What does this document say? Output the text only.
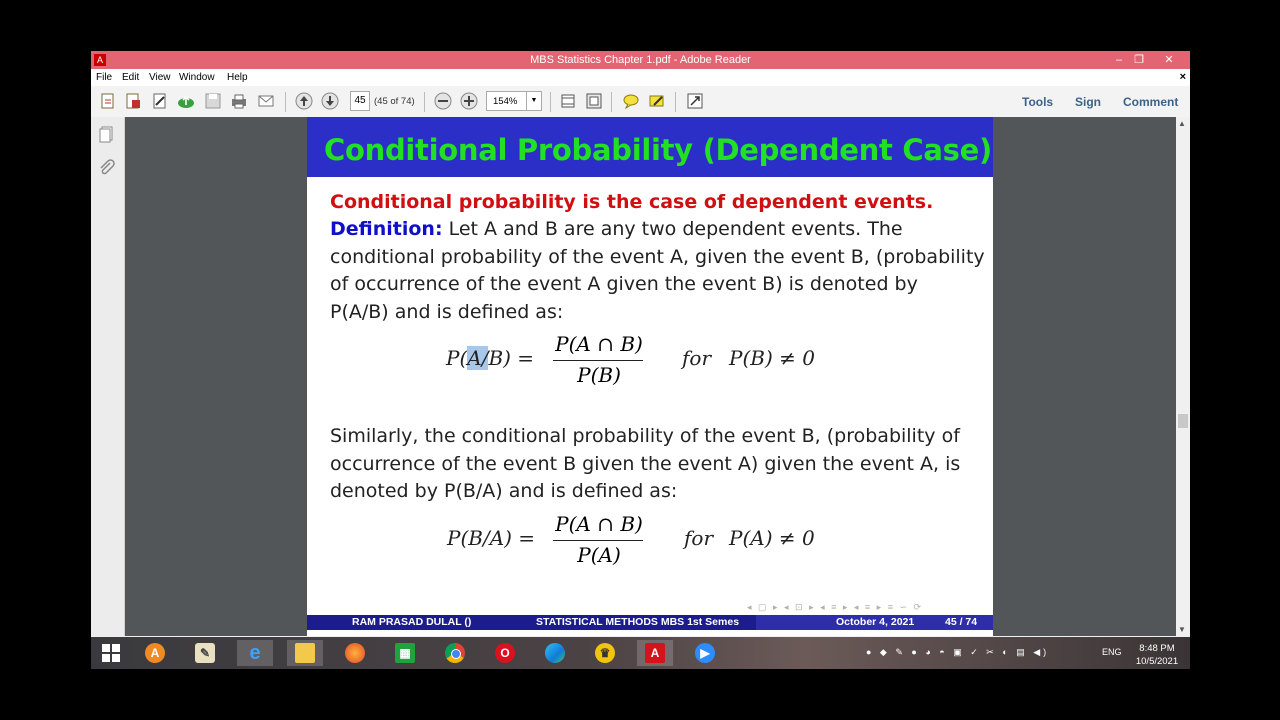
A	MBS Statistics Chapter 1.pdf - Adobe Reader	–	❐	✕
File Edit View Window Help	×
45 (45 of 74)	154%	▼	Tools Sign Comment
Conditional Probability (Dependent Case)
Conditional probability is the case of dependent events.
Definition: Let A and B are any two dependent events. The
conditional probability of the event A, given the event B, (probability
of occurrence of the event A given the event B) is denoted by
P(A/B) and is defined as:
P(A/B) =
P(A ∩ B)
P(B)
for P(B) ≠ 0
Similarly, the conditional probability of the event B, (probability of
occurrence of the event B given the event A) given the event A, is
denoted by P(B/A) and is defined as:
P(B/A) =
P(A ∩ B)
P(A)
for P(A) ≠ 0
◂ ▢ ▸ ◂ ⊡ ▸ ◂ ≡ ▸ ◂ ≡ ▸ ≡ ∽ ⟳
RAM PRASAD DULAL ()	STATISTICAL METHODS MBS 1st Semes	October 4, 2021	45 / 74
▲
▼
A	✎ e	▦	O	♛	A	▶	● ◆ ✎ ● ◕ ◓ ▣ ✓ ✂ ◐ ▤ ◀)	ENG	8:48 PM
10/5/2021
